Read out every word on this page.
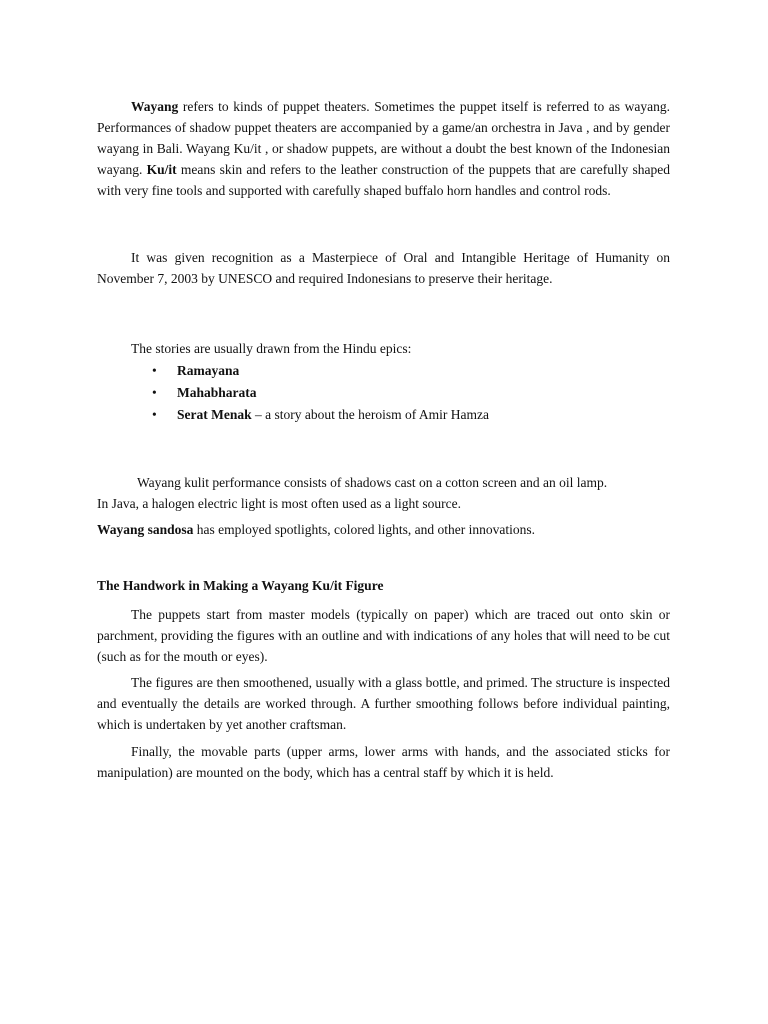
Wayang refers to kinds of puppet theaters. Sometimes the puppet itself is referred to as wayang. Performances of shadow puppet theaters are accompanied by a game/an orchestra in Java , and by gender wayang in Bali. Wayang Ku/it , or shadow puppets, are without a doubt the best known of the Indonesian wayang. Ku/it means skin and refers to the leather construction of the puppets that are carefully shaped with very fine tools and supported with carefully shaped buffalo horn handles and control rods.

It was given recognition as a Masterpiece of Oral and Intangible Heritage of Humanity on November 7, 2003 by UNESCO and required Indonesians to preserve their heritage.

The stories are usually drawn from the Hindu epics:

• Ramayana
• Mahabharata
• Serat Menak – a story about the heroism of Amir Hamza
Wayang kulit performance consists of shadows cast on a cotton screen and an oil lamp.
In Java, a halogen electric light is most often used as a light source.

Wayang sandosa has employed spotlights, colored lights, and other innovations.

The Handwork in Making a Wayang Ku/it Figure

The puppets start from master models (typically on paper) which are traced out onto skin or parchment, providing the figures with an outline and with indications of any holes that will need to be cut (such as for the mouth or eyes).

The figures are then smoothened, usually with a glass bottle, and primed. The structure is inspected and eventually the details are worked through. A further smoothing follows before individual painting, which is undertaken by yet another craftsman.

Finally, the movable parts (upper arms, lower arms with hands, and the associated sticks for manipulation) are mounted on the body, which has a central staff by which it is held.
